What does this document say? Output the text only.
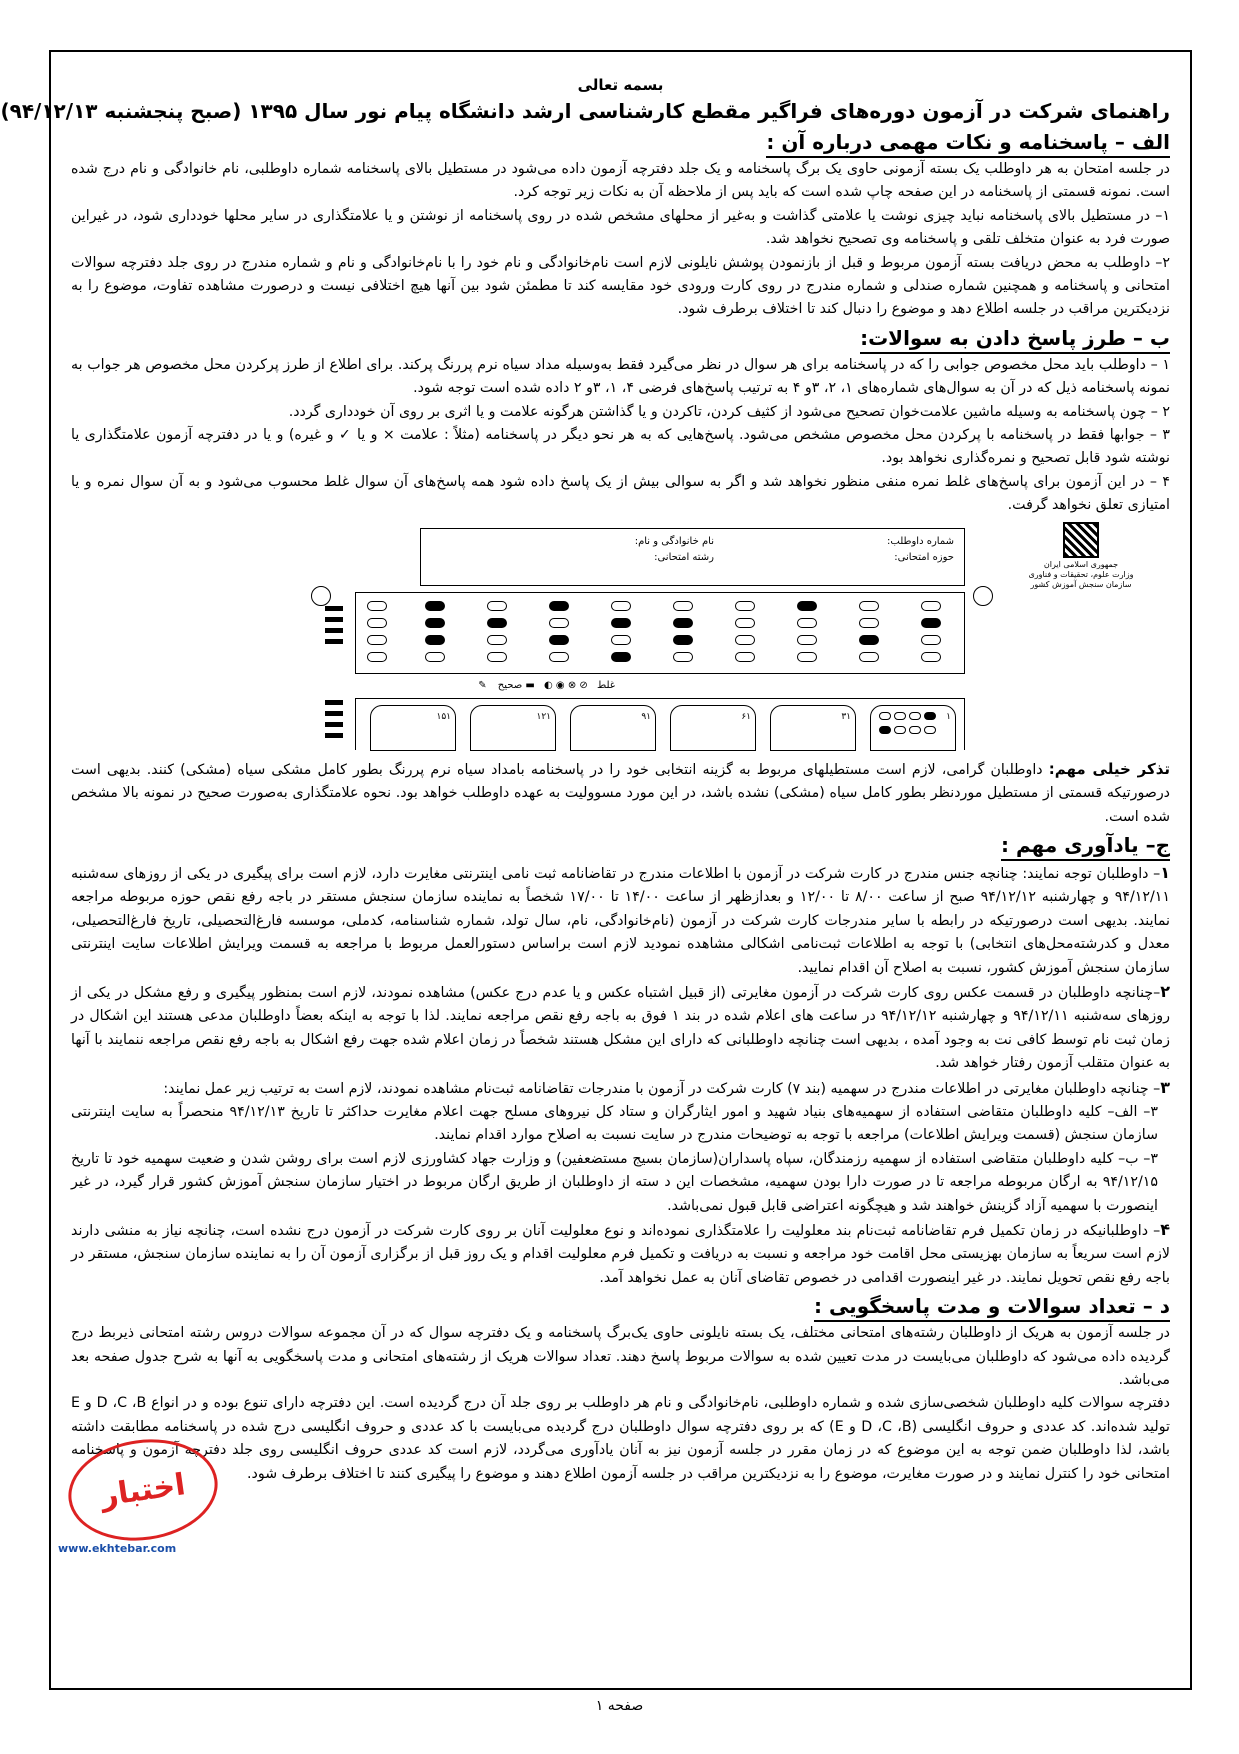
بسمه تعالی
راهنمای شرکت در آزمون دوره‌های فراگیر مقطع کارشناسی ارشد دانشگاه پیام نور سال ۱۳۹۵ (صبح پنجشنبه ۹۴/۱۲/۱۳)
الف – پاسخنامه و نکات مهمی درباره آن :

در جلسه امتحان به هر داوطلب یک بسته آزمونی حاوی یک برگ پاسخنامه و یک جلد دفترچه آزمون داده می‌شود در مستطیل بالای پاسخنامه شماره داوطلبی، نام خانوادگی و نام درج شده است. نمونه قسمتی از پاسخنامه در این صفحه چاپ شده است که باید پس از ملاحظه آن به نکات زیر توجه کرد.

۱– در مستطیل بالای پاسخنامه نباید چیزی نوشت یا علامتی گذاشت و به‌غیر از محلهای مشخص شده در روی پاسخنامه از نوشتن و یا علامتگذاری در سایر محلها خودداری شود، در غیراین صورت فرد به عنوان متخلف تلقی و پاسخنامه وی تصحیح نخواهد شد.

۲– داوطلب به محض دریافت بسته آزمون مربوط و قبل از بازنمودن پوشش نایلونی لازم است نام‌خانوادگی و نام خود را با نام‌خانوادگی و نام و شماره مندرج در روی جلد دفترچه سوالات امتحانی و پاسخنامه و همچنین شماره صندلی و شماره مندرج در روی کارت ورودی خود مقایسه کند تا مطمئن شود بین آنها هیچ اختلافی نیست و درصورت مشاهده تفاوت، موضوع را به نزدیکترین مراقب در جلسه اطلاع دهد و موضوع را دنبال کند تا اختلاف برطرف شود.

ب – طرز پاسخ دادن به سوالات:

۱ – داوطلب باید محل مخصوص جوابی را که در پاسخنامه برای هر سوال در نظر می‌گیرد فقط به‌وسیله مداد سیاه نرم پررنگ پرکند. برای اطلاع از طرز پرکردن محل مخصوص هر جواب به نمونه پاسخنامه ذیل که در آن به سوال‌های شماره‌های ۱، ۲، ۳و ۴ به ترتیب پاسخ‌های فرضی ۴، ۱، ۳و ۲ داده شده است توجه شود.

۲ – چون پاسخنامه به وسیله ماشین علامت‌خوان تصحیح می‌شود از کثیف کردن، تاکردن و یا گذاشتن هرگونه علامت و یا اثری بر روی آن خودداری گردد.

۳ – جوابها فقط در پاسخنامه با پرکردن محل مخصوص مشخص می‌شود. پاسخ‌هایی که به هر نحو دیگر در پاسخنامه (مثلاً : علامت × و یا ✓ و غیره) و یا در دفترچه آزمون علامتگذاری یا نوشته شود قابل تصحیح و نمره‌گذاری نخواهد بود.

۴ – در این آزمون برای پاسخ‌های غلط نمره منفی منظور نخواهد شد و اگر به سوالی بیش از یک پاسخ داده شود همه پاسخ‌های آن سوال غلط محسوب می‌شود و به آن سوال نمره و یا امتیازی تعلق نخواهد گرفت.

جمهوری اسلامی ایران
وزارت علوم، تحقیقات و فناوری
سازمان سنجش آموزش کشور
شماره داوطلب:
حوزه امتحانی:
نام خانوادگی و نام:
رشته امتحانی:
غلط ⊘ ⊗ ◉ ◐ ▬ صحیح ✎
۱
۳۱
۶۱
۹۱
۱۲۱
۱۵۱

تذکر خیلی مهم: داوطلبان گرامی، لازم است مستطیلهای مربوط به گزینه انتخابی خود را در پاسخنامه بامداد سیاه نرم پررنگ بطور کامل مشکی سیاه (مشکی) کنند. بدیهی است درصورتیکه قسمتی از مستطیل موردنظر بطور کامل سیاه (مشکی) نشده باشد، در این مورد مسوولیت به عهده داوطلب خواهد بود. نحوه علامتگذاری به‌صورت صحیح در نمونه بالا مشخص شده است.

ج– یادآوری مهم :

۱– داوطلبان توجه نمایند: چنانچه جنس مندرج در کارت شرکت در آزمون با اطلاعات مندرج در تقاضانامه ثبت نامی اینترنتی مغایرت دارد، لازم است برای پیگیری در یکی از روزهای سه‌شنبه ۹۴/۱۲/۱۱ و چهارشنبه ۹۴/۱۲/۱۲ صبح از ساعت ۸/۰۰ تا ۱۲/۰۰ و بعدازظهر از ساعت ۱۴/۰۰ تا ۱۷/۰۰ شخصاً به نماینده سازمان سنجش مستقر در باجه رفع نقص حوزه مربوطه مراجعه نمایند. بدیهی است درصورتیکه در رابطه با سایر مندرجات کارت شرکت در آزمون (نام‌خانوادگی، نام، سال تولد، شماره شناسنامه، کدملی، موسسه فارغ‌التحصیلی، تاریخ فارغ‌التحصیلی، معدل و کدرشته‌محل‌های انتخابی) با توجه به اطلاعات ثبت‌نامی اشکالی مشاهده نمودید لازم است براساس دستورالعمل مربوط با مراجعه به قسمت ویرایش اطلاعات سایت اینترنتی سازمان سنجش آموزش کشور، نسبت به اصلاح آن اقدام نمایید.

۲–چنانچه داوطلبان در قسمت عکس روی کارت شرکت در آزمون مغایرتی (از قبیل اشتباه عکس و یا عدم درج عکس) مشاهده نمودند، لازم است بمنظور پیگیری و رفع مشکل در یکی از روزهای سه‌شنبه ۹۴/۱۲/۱۱ و چهارشنبه ۹۴/۱۲/۱۲ در ساعت های اعلام شده در بند ۱ فوق به باجه رفع نقص مراجعه نمایند. لذا با توجه به اینکه بعضاً داوطلبان مدعی هستند این اشکال در زمان ثبت نام توسط کافی نت به وجود آمده ، بدیهی است چنانچه داوطلبانی که دارای این مشکل هستند شخصاً در زمان اعلام شده جهت رفع اشکال به باجه رفع نقص مراجعه ننمایند با آنها به عنوان متقلب آزمون رفتار خواهد شد.

۳– چنانچه داوطلبان مغایرتی در اطلاعات مندرج در سهمیه (بند ۷) کارت شرکت در آزمون با مندرجات تقاضانامه ثبت‌نام مشاهده نمودند، لازم است به ترتیب زیر عمل نمایند:

۳– الف– کلیه داوطلبان متقاضی استفاده از سهمیه‌های بنیاد شهید و امور ایثارگران و ستاد کل نیروهای مسلح جهت اعلام مغایرت حداکثر تا تاریخ ۹۴/۱۲/۱۳ منحصراً به سایت اینترنتی سازمان سنجش (قسمت ویرایش اطلاعات) مراجعه با توجه به توضیحات مندرج در سایت نسبت به اصلاح موارد اقدام نمایند.

۳– ب– کلیه داوطلبان متقاضی استفاده از سهمیه رزمندگان، سپاه پاسداران(سازمان بسیج مستضعفین) و وزارت جهاد کشاورزی لازم است برای روشن شدن و ضعیت سهمیه خود تا تاریخ ۹۴/۱۲/۱۵ به ارگان مربوطه مراجعه تا در صورت دارا بودن سهمیه، مشخصات این د سته از داوطلبان از طریق ارگان مربوط در اختیار سازمان سنجش آموزش کشور قرار گیرد، در غیر اینصورت با سهمیه آزاد گزینش خواهند شد و هیچگونه اعتراضی قابل قبول نمی‌باشد.

۴– داوطلبانیکه در زمان تکمیل فرم تقاضانامه ثبت‌نام بند معلولیت را علامتگذاری نموده‌اند و نوع معلولیت آنان بر روی کارت شرکت در آزمون درج نشده است، چنانچه نیاز به منشی دارند لازم است سریعاً به سازمان بهزیستی محل اقامت خود مراجعه و نسبت به دریافت و تکمیل فرم معلولیت اقدام و یک روز قبل از برگزاری آزمون آن را به نماینده سازمان سنجش، مستقر در باجه رفع نقص تحویل نمایند. در غیر اینصورت اقدامی در خصوص تقاضای آنان به عمل نخواهد آمد.

د – تعداد سوالات و مدت پاسخگویی :

در جلسه آزمون به هریک از داوطلبان رشته‌های امتحانی مختلف، یک بسته نایلونی حاوی یک‌برگ پاسخنامه و یک دفترچه سوال که در آن مجموعه سوالات دروس رشته امتحانی ذیربط درج گردیده داده می‌شود که داوطلبان می‌بایست در مدت تعیین شده به سوالات مربوط پاسخ دهند. تعداد سوالات هریک از رشته‌های امتحانی و مدت پاسخگویی به آنها به شرح جدول صفحه بعد می‌باشد.

دفترچه سوالات کلیه داوطلبان شخصی‌سازی شده و شماره داوطلبی، نام‌خانوادگی و نام هر داوطلب بر روی جلد آن درج گردیده است. این دفترچه دارای تنوع بوده و در انواع D ،C ،B و E تولید شده‌اند. کد عددی و حروف انگلیسی (D ،C ،B و E) که بر روی دفترچه سوال داوطلبان درج گردیده می‌بایست با کد عددی و حروف انگلیسی درج شده در پاسخنامه مطابقت داشته باشد، لذا داوطلبان ضمن توجه به این موضوع که در زمان مقرر در جلسه آزمون نیز به آنان یادآوری می‌گردد، لازم است کد عددی حروف انگلیسی روی جلد دفترچه آزمون و پاسخنامه امتحانی خود را کنترل نمایند و در صورت مغایرت، موضوع را به نزدیکترین مراقب در جلسه آزمون اطلاع دهند و موضوع را پیگیری کنند تا اختلاف برطرف شود.

اختبار
www.ekhtebar.com
صفحه ۱
